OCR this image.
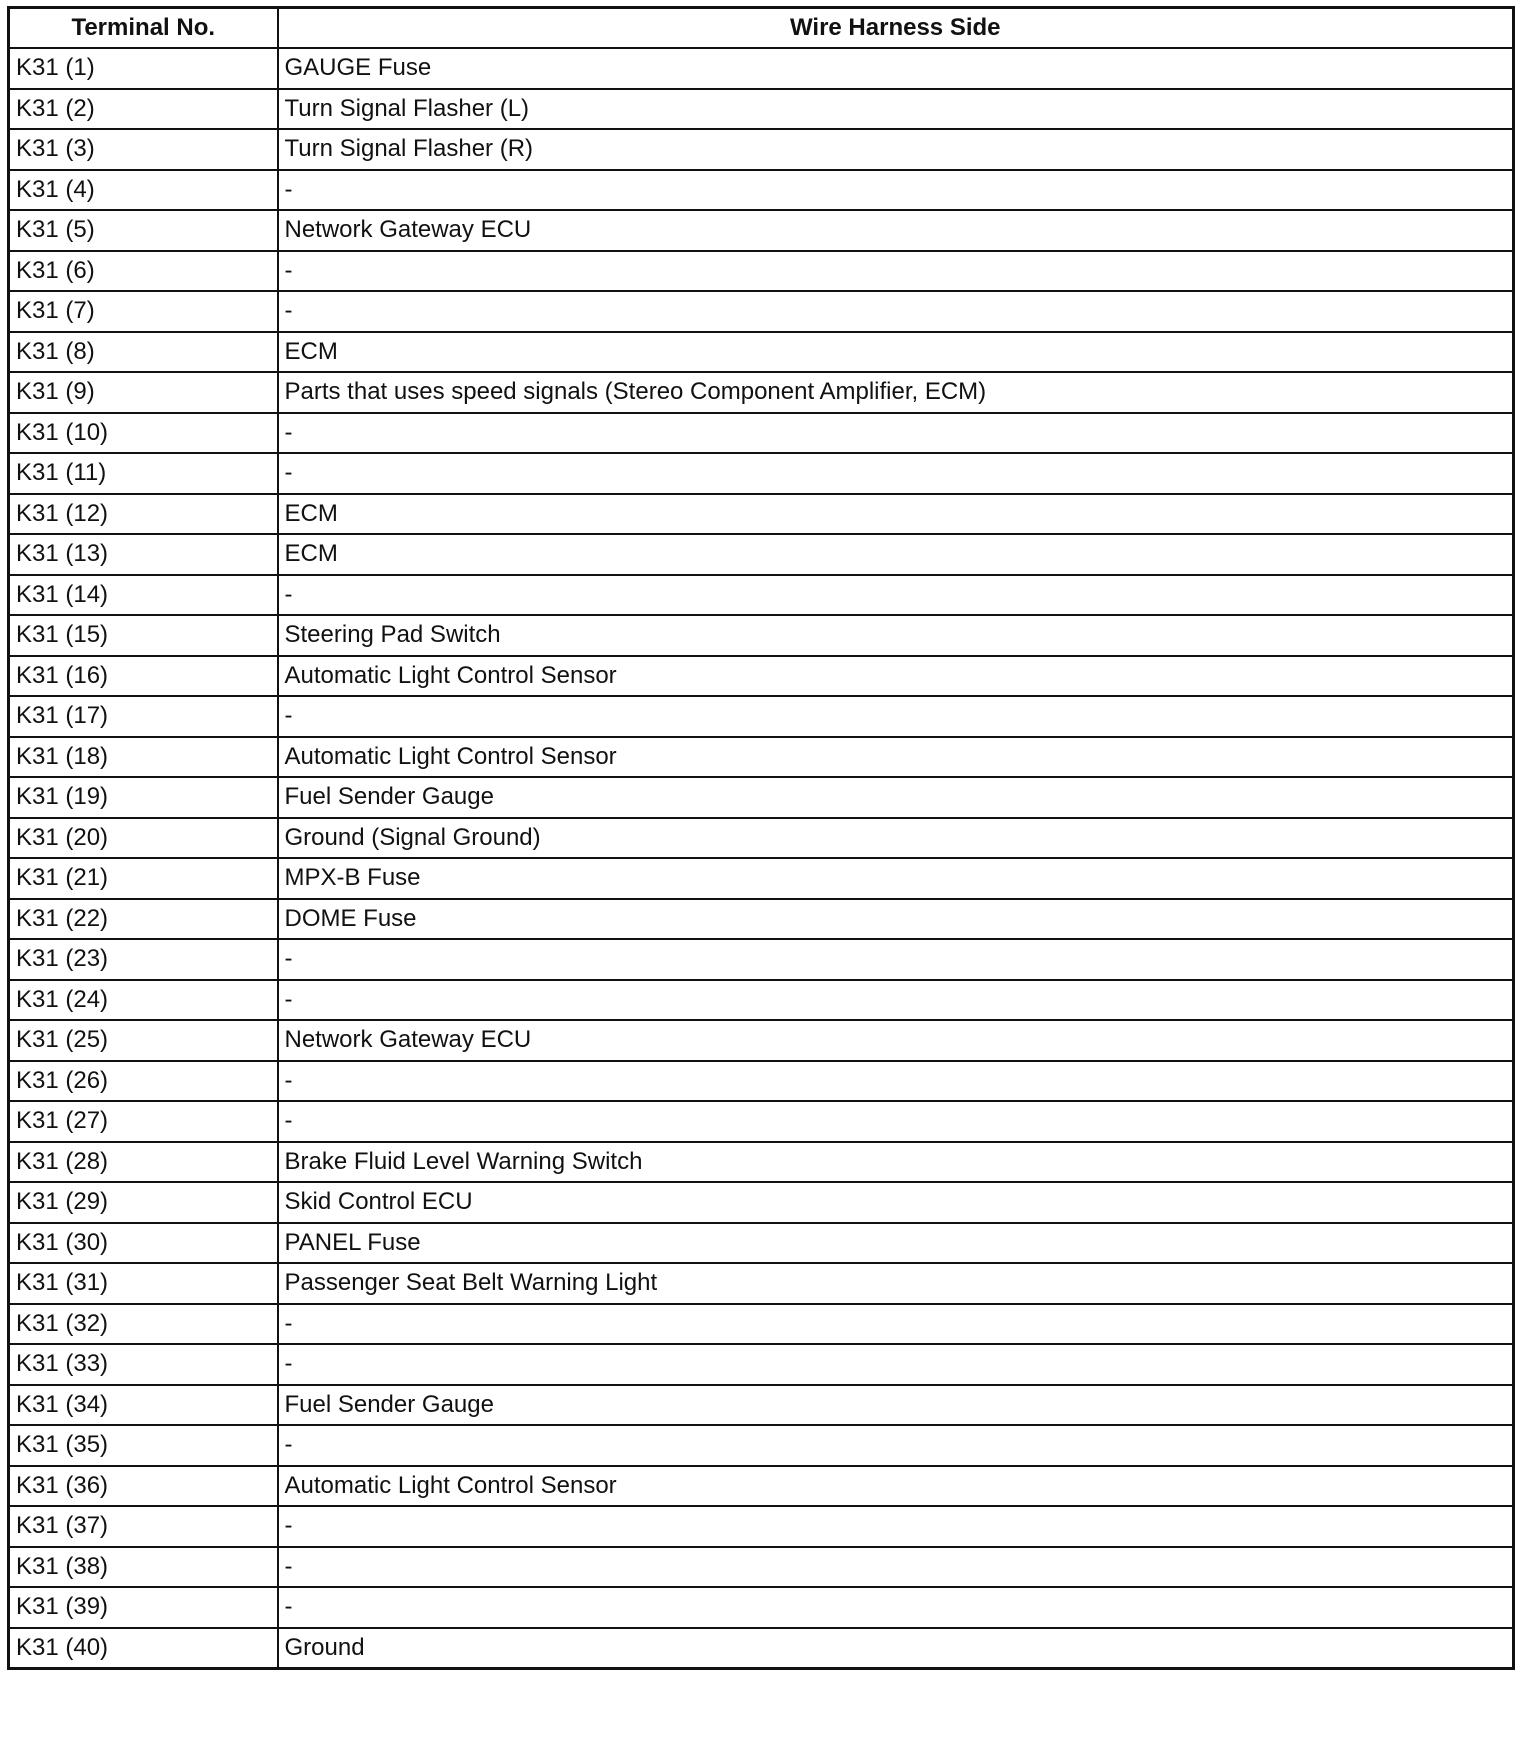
Terminal No.	Wire Harness Side
K31 (1)	GAUGE Fuse
K31 (2)	Turn Signal Flasher (L)
K31 (3)	Turn Signal Flasher (R)
K31 (4)	-
K31 (5)	Network Gateway ECU
K31 (6)	-
K31 (7)	-
K31 (8)	ECM
K31 (9)	Parts that uses speed signals (Stereo Component Amplifier, ECM)
K31 (10)	-
K31 (11)	-
K31 (12)	ECM
K31 (13)	ECM
K31 (14)	-
K31 (15)	Steering Pad Switch
K31 (16)	Automatic Light Control Sensor
K31 (17)	-
K31 (18)	Automatic Light Control Sensor
K31 (19)	Fuel Sender Gauge
K31 (20)	Ground (Signal Ground)
K31 (21)	MPX-B Fuse
K31 (22)	DOME Fuse
K31 (23)	-
K31 (24)	-
K31 (25)	Network Gateway ECU
K31 (26)	-
K31 (27)	-
K31 (28)	Brake Fluid Level Warning Switch
K31 (29)	Skid Control ECU
K31 (30)	PANEL Fuse
K31 (31)	Passenger Seat Belt Warning Light
K31 (32)	-
K31 (33)	-
K31 (34)	Fuel Sender Gauge
K31 (35)	-
K31 (36)	Automatic Light Control Sensor
K31 (37)	-
K31 (38)	-
K31 (39)	-
K31 (40)	Ground
